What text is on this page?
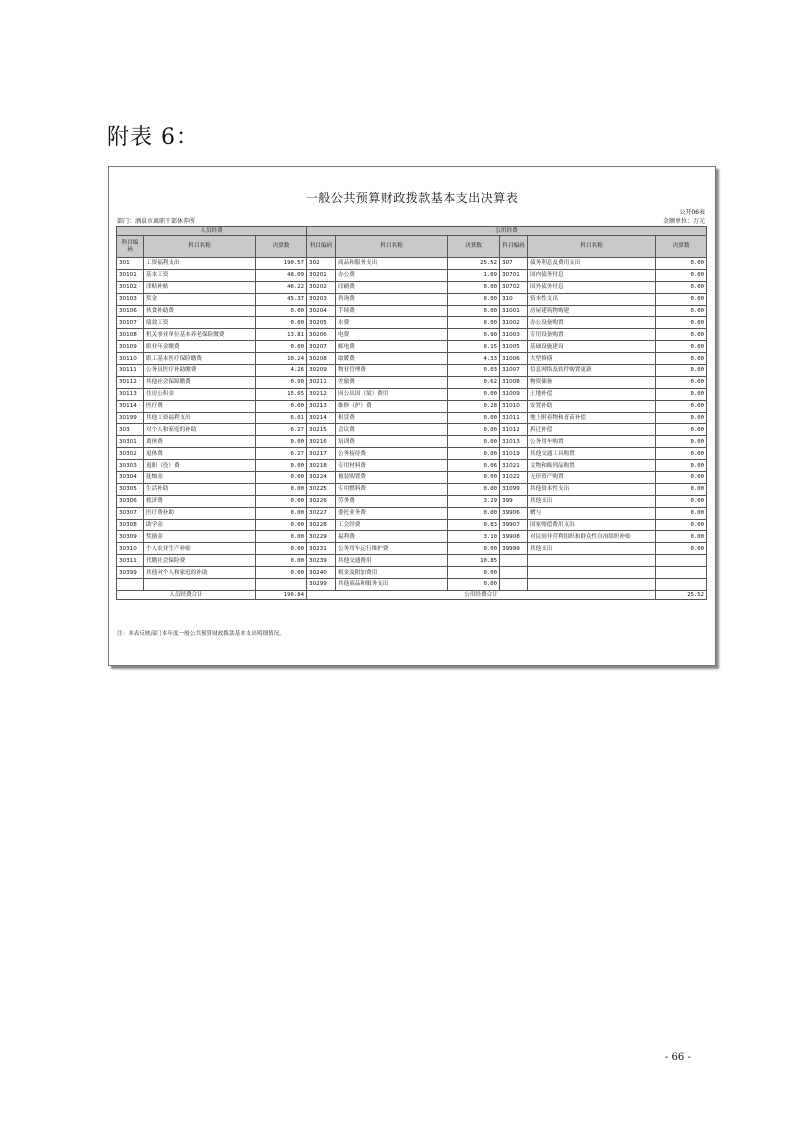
附表 6：
一般公共预算财政拨款基本支出决算表
公开06表
部门：酒泉市离职干部休养所	金额单位：万元
人员经费			公用经费					
科目编码	科目名称	决算数	科目编码	科目名称	决算数	科目编码	科目名称	决算数
301	工资福利支出	190.57	302	商品和服务支出	25.52	307	债务利息及费用支出	0.00
30101	基本工资	48.09	30201	办公费	1.09	30701	国内债务付息	0.00
30102	津贴补贴	46.22	30202	印刷费	0.00	30702	国外债务付息	0.00
30103	奖金	45.37	30203	咨询费	0.00	310	资本性支出	0.00
30106	伙食补助费	0.00	30204	手续费	0.00	31001	房屋建筑物购建	0.00
30107	绩效工资	0.00	30205	水费	0.00	31002	办公设备购置	0.00
30108	机关事业单位基本养老保险缴费	13.81	30206	电费	0.90	31003	专用设备购置	0.00
30109	职业年金缴费	0.00	30207	邮电费	0.15	31005	基础设施建设	0.00
30110	职工基本医疗保险缴费	10.24	30208	取暖费	4.33	31006	大型修缮	0.00
30111	公务员医疗补助缴费	4.26	30209	物业管理费	0.03	31007	信息网络及软件购置更新	0.00
30112	其他社会保障缴费	0.90	30211	差旅费	0.62	31008	物资储备	0.00
30113	住房公积金	15.65	30212	因公出国（境）费用	0.00	31009	土地补偿	0.00
30114	医疗费	0.00	30213	维修（护）费	0.28	31010	安置补助	0.00
30199	其他工资福利支出	6.01	30214	租赁费	0.00	31011	地上附着物和青苗补偿	0.00
303	对个人和家庭的补助	6.27	30215	会议费	0.00	31012	拆迁补偿	0.00
30301	离休费	0.00	30216	培训费	0.00	31013	公务用车购置	0.00
30302	退休费	6.27	30217	公务接待费	0.00	31019	其他交通工具购置	0.00
30303	退职（役）费	0.00	30218	专用材料费	0.06	31021	文物和陈列品购置	0.00
30304	抚恤金	0.00	30224	被装购置费	0.00	31022	无形资产购置	0.00
30305	生活补助	0.00	30225	专用燃料费	0.00	31099	其他资本性支出	0.00
30306	救济费	0.00	30226	劳务费	3.29	399	其他支出	0.00
30307	医疗费补助	0.00	30227	委托业务费	0.00	39906	赠与	0.00
30308	助学金	0.00	30228	工会经费	0.83	39907	国家赔偿费用支出	0.00
30309	奖励金	0.00	30229	福利费	3.10	39908	对民间非营利组织和群众性自治组织补贴	0.00
30310	个人农业生产补贴	0.00	30231	公务用车运行维护费	0.00	39999	其他支出	0.00
30311	代缴社会保险费	0.00	30239	其他交通费用	10.85			
30399	其他对个人和家庭的补助	0.00	30240	税金及附加费用	0.00			
			30299	其他商品和服务支出	0.00			
人员经费合计		196.84	公用经费合计					25.52
注：本表反映部门本年度一般公共预算财政拨款基本支出明细情况。
- 66 -
